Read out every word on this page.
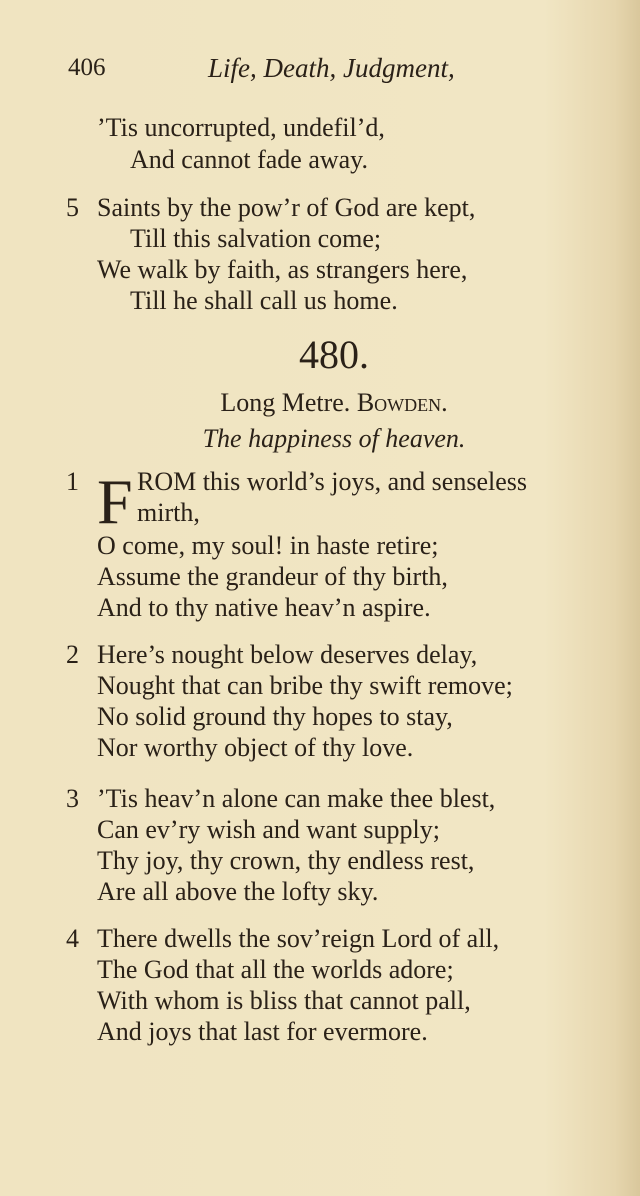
406	Life, Death, Judgment,
’Tis uncorrupted, undefil’d,
And cannot fade away.
5 Saints by the pow’r of God are kept,
Till this salvation come;
We walk by faith, as strangers here,
Till he shall call us home.
480.
Long Metre. Bowden.
The happiness of heaven.
1 F ROM this world’s joys, and senseless
mirth,
O come, my soul! in haste retire;
Assume the grandeur of thy birth,
And to thy native heav’n aspire.
2 Here’s nought below deserves delay,
Nought that can bribe thy swift remove;
No solid ground thy hopes to stay,
Nor worthy object of thy love.
3 ’Tis heav’n alone can make thee blest,
Can ev’ry wish and want supply;
Thy joy, thy crown, thy endless rest,
Are all above the lofty sky.
4 There dwells the sov’reign Lord of all,
The God that all the worlds adore;
With whom is bliss that cannot pall,
And joys that last for evermore.
